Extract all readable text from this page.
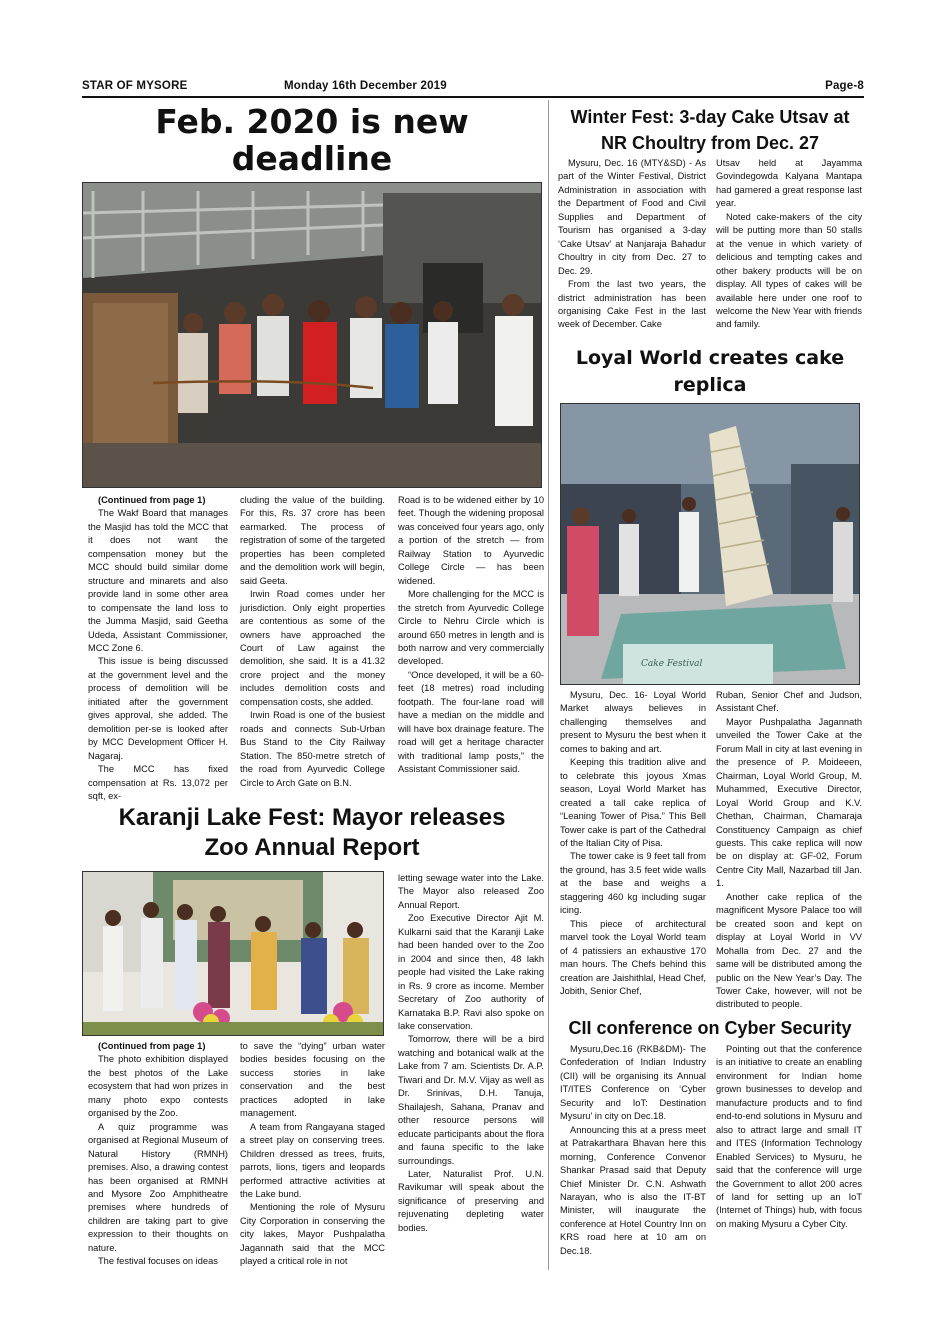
STAR OF MYSORE	Monday 16th December 2019	Page-8
Feb. 2020 is new deadline

(Continued from page 1)

The Wakf Board that manages the Masjid has told the MCC that it does not want the compensation money but the MCC should build similar dome structure and minarets and also provide land in some other area to compensate the land loss to the Jumma Masjid, said Geetha Udeda, Assistant Commissioner, MCC Zone 6.

This issue is being discussed at the government level and the process of demolition will be initiated after the government gives approval, she added. The demolition per-se is looked after by MCC Development Officer H. Nagaraj.

The MCC has fixed compensation at Rs. 13,072 per sqft, ex-

cluding the value of the building. For this, Rs. 37 crore has been earmarked. The process of registration of some of the targeted properties has been completed and the demolition work will begin, said Geeta.

Irwin Road comes under her jurisdiction. Only eight properties are contentious as some of the owners have approached the Court of Law against the demolition, she said. It is a 41.32 crore project and the money includes demolition costs and compensation costs, she added.

Irwin Road is one of the busiest roads and connects Sub-Urban Bus Stand to the City Railway Station. The 850-metre stretch of the road from Ayurvedic College Circle to Arch Gate on B.N.

Road is to be widened either by 10 feet. Though the widening proposal was conceived four years ago, only a portion of the stretch — from Railway Station to Ayurvedic College Circle — has been widened.

More challenging for the MCC is the stretch from Ayurvedic College Circle to Nehru Circle which is around 650 metres in length and is both narrow and very commercially developed.

“Once developed, it will be a 60-feet (18 metres) road including footpath. The four-lane road will have a median on the middle and will have box drainage feature. The road will get a heritage character with traditional lamp posts,” the Assistant Commissioner said.

Karanji Lake Fest: Mayor releases
Zoo Annual Report

(Continued from page 1)

The photo exhibition displayed the best photos of the Lake ecosystem that had won prizes in many photo expo contests organised by the Zoo.

A quiz programme was organised at Regional Museum of Natural History (RMNH) premises. Also, a drawing contest has been organised at RMNH and Mysore Zoo Amphitheatre premises where hundreds of children are taking part to give expression to their thoughts on nature.

The festival focuses on ideas

to save the “dying” urban water bodies besides focusing on the success stories in lake conservation and the best practices adopted in lake management.

A team from Rangayana staged a street play on conserving trees. Children dressed as trees, fruits, parrots, lions, tigers and leopards performed attractive activities at the Lake bund.

Mentioning the role of Mysuru City Corporation in conserving the city lakes, Mayor Pushpalatha Jagannath said that the MCC played a critical role in not

letting sewage water into the Lake. The Mayor also released Zoo Annual Report.

Zoo Executive Director Ajit M. Kulkarni said that the Karanji Lake had been handed over to the Zoo in 2004 and since then, 48 lakh people had visited the Lake raking in Rs. 9 crore as income. Member Secretary of Zoo authority of Karnataka B.P. Ravi also spoke on lake conservation.

Tomorrow, there will be a bird watching and botanical walk at the Lake from 7 am. Scientists Dr. A.P. Tiwari and Dr. M.V. Vijay as well as Dr. Srinivas, D.H. Tanuja, Shailajesh, Sahana, Pranav and other resource persons will educate participants about the flora and fauna specific to the lake surroundings.

Later, Naturalist Prof. U.N. Ravikumar will speak about the significance of preserving and rejuvenating depleting water bodies.

Winter Fest: 3-day Cake Utsav at
NR Choultry from Dec. 27

Mysuru, Dec. 16 (MTY&SD) - As part of the Winter Festival, District Administration in association with the Department of Food and Civil Supplies and Department of Tourism has organised a 3-day ‘Cake Utsav’ at Nanjaraja Bahadur Choultry in city from Dec. 27 to Dec. 29.

From the last two years, the district administration has been organising Cake Fest in the last week of December. Cake

Utsav held at Jayamma Govindegowda Kalyana Mantapa had garnered a great response last year.

Noted cake-makers of the city will be putting more than 50 stalls at the venue in which variety of delicious and tempting cakes and other bakery products will be on display. All types of cakes will be available here under one roof to welcome the New Year with friends and family.

Loyal World creates cake replica
Cake Festival

Mysuru, Dec. 16- Loyal World Market always believes in challenging themselves and present to Mysuru the best when it comes to baking and art.

Keeping this tradition alive and to celebrate this joyous Xmas season, Loyal World Market has created a tall cake replica of “Leaning Tower of Pisa.” This Bell Tower cake is part of the Cathedral of the Italian City of Pisa.

The tower cake is 9 feet tall from the ground, has 3.5 feet wide walls at the base and weighs a staggering 460 kg including sugar icing.

This piece of architectural marvel took the Loyal World team of 4 patissiers an exhaustive 170 man hours. The Chefs behind this creation are Jaishithlal, Head Chef, Jobith, Senior Chef,

Ruban, Senior Chef and Judson, Assistant Chef.

Mayor Pushpalatha Jagannath unveiled the Tower Cake at the Forum Mall in city at last evening in the presence of P. Moideeen, Chairman, Loyal World Group, M. Muhammed, Executive Director, Loyal World Group and K.V. Chethan, Chairman, Chamaraja Constituency Campaign as chief guests. This cake replica will now be on display at: GF-02, Forum Centre City Mall, Nazarbad till Jan. 1.

Another cake replica of the magnificent Mysore Palace too will be created soon and kept on display at Loyal World in VV Mohalla from Dec. 27 and the same will be distributed among the public on the New Year’s Day. The Tower Cake, however, will not be distributed to people.

CII conference on Cyber Security

Mysuru,Dec.16 (RKB&DM)- The Confederation of Indian Industry (CII) will be organising its Annual IT/ITES Conference on ‘Cyber Security and IoT: Destination Mysuru’ in city on Dec.18.

Announcing this at a press meet at Patrakarthara Bhavan here this morning, Conference Convenor Shankar Prasad said that Deputy Chief Minister Dr. C.N. Ashwath Narayan, who is also the IT-BT Minister, will inaugurate the conference at Hotel Country Inn on KRS road here at 10 am on Dec.18.

Pointing out that the conference is an initiative to create an enabling environment for Indian home grown businesses to develop and manufacture products and to find end-to-end solutions in Mysuru and also to attract large and small IT and ITES (Information Technology Enabled Services) to Mysuru, he said that the conference will urge the Government to allot 200 acres of land for setting up an IoT (Internet of Things) hub, with focus on making Mysuru a Cyber City.
